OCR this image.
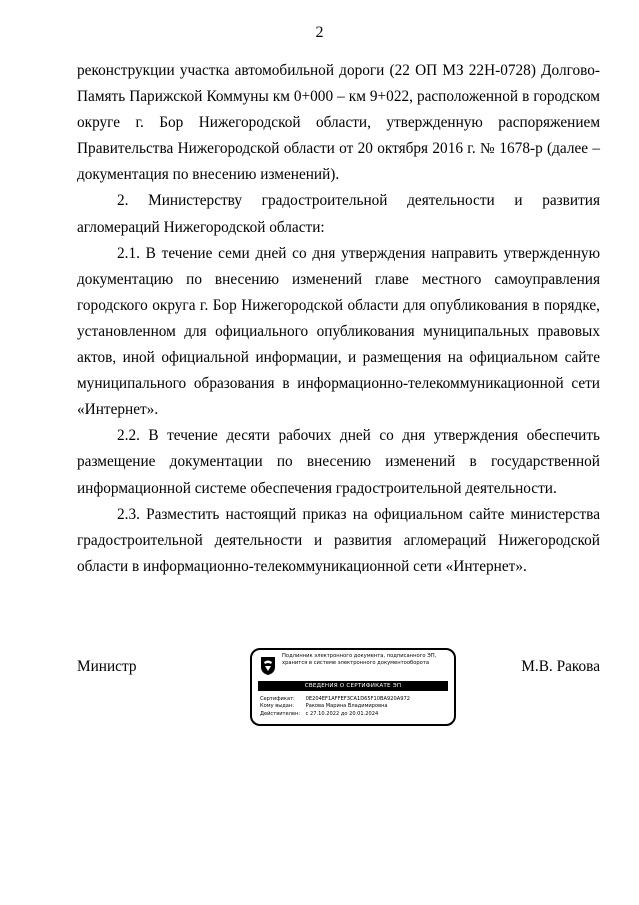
2

реконструкции участка автомобильной дороги (22 ОП МЗ 22Н-0728) Долгово-Память Парижской Коммуны км 0+000 – км 9+022, расположенной в городском округе г. Бор Нижегородской области, утвержденную распоряжением Правительства Нижегородской области от 20 октября 2016 г. № 1678-р (далее – документация по внесению изменений).

2. Министерству градостроительной деятельности и развития агломераций Нижегородской области:

2.1. В течение семи дней со дня утверждения направить утвержденную документацию по внесению изменений главе местного самоуправления городского округа г. Бор Нижегородской области для опубликования в порядке, установленном для официального опубликования муниципальных правовых актов, иной официальной информации, и размещения на официальном сайте муниципального образования в информационно-телекоммуникационной сети «Интернет».

2.2. В течение десяти рабочих дней со дня утверждения обеспечить размещение документации по внесению изменений в государственной информационной системе обеспечения градостроительной деятельности.

2.3. Разместить настоящий приказ на официальном сайте министерства градостроительной деятельности и развития агломераций Нижегородской области в информационно-телекоммуникационной сети «Интернет».

Министр
Подлинник электронного документа, подписанного ЭП, хранится в системе электронного документооборота
СВЕДЕНИЯ О СЕРТИФИКАТЕ ЭП
Сертификат: 0E204EF1AFFEF3CA1D65F10BA920A972
Кому выдан: Ракова Марина Владимировна
Действителен: с 27.10.2022 до 20.01.2024
М.В. Ракова
